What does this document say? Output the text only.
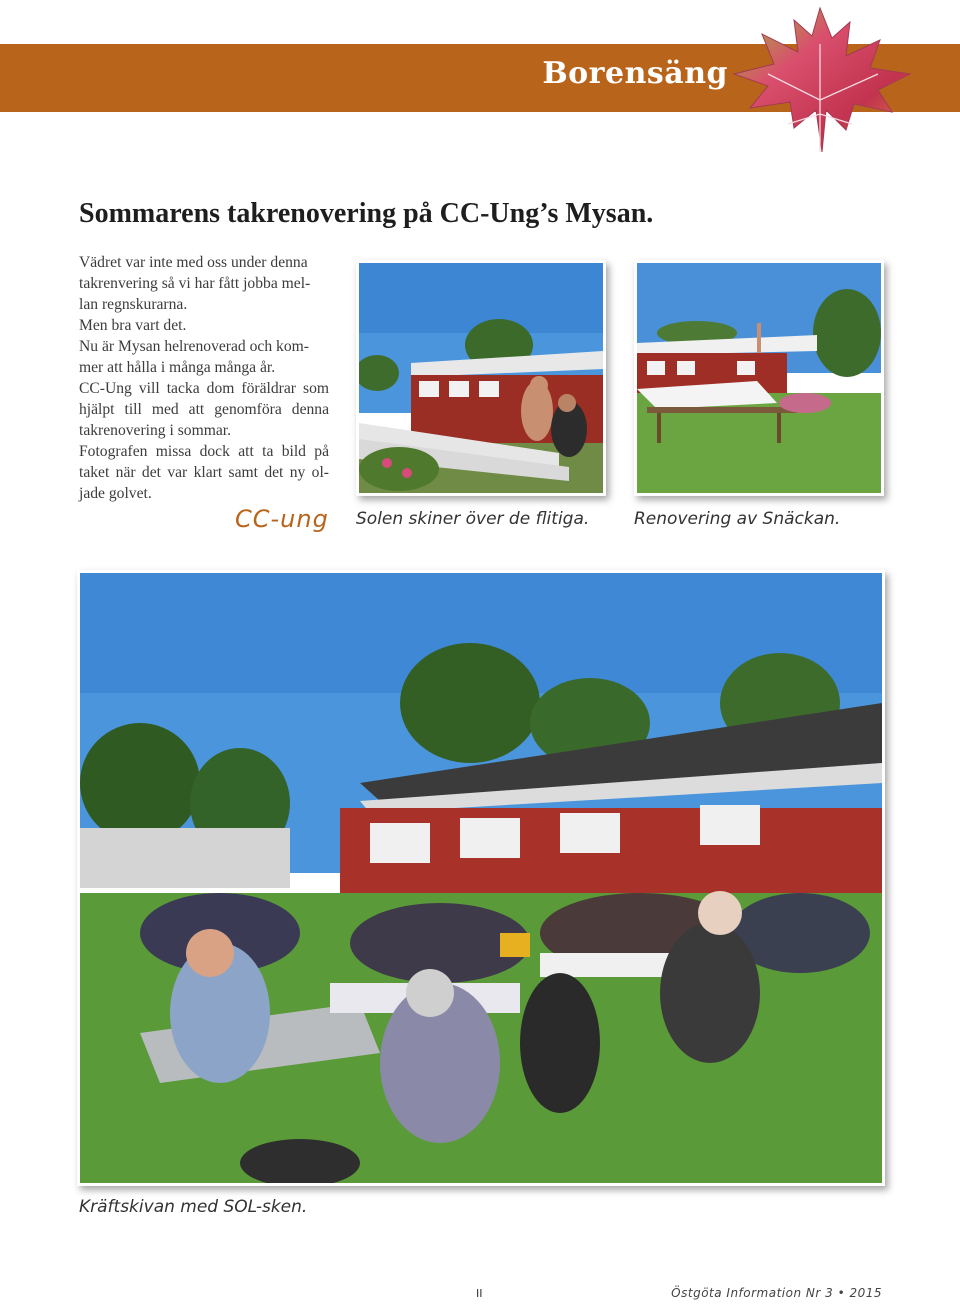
Borensäng
Sommarens takrenovering på CC-Ung’s Mysan.

Vädret var inte med oss under denna takrenvering så vi har fått jobba mel-lan regnskurarna.

Men bra vart det.

Nu är Mysan helrenoverad och kom-mer att hålla i många många år.

CC-Ung vill tacka dom föräldrar som hjälpt till med att genomföra denna takrenovering i sommar.

Fotografen missa dock att ta bild på taket när det var klart samt det ny ol-jade golvet.

CC-ung Solen skiner över de flitiga.	Renovering av Snäckan.
Kräftskivan med SOL-sken.
II	Östgöta Information Nr 3 • 2015
